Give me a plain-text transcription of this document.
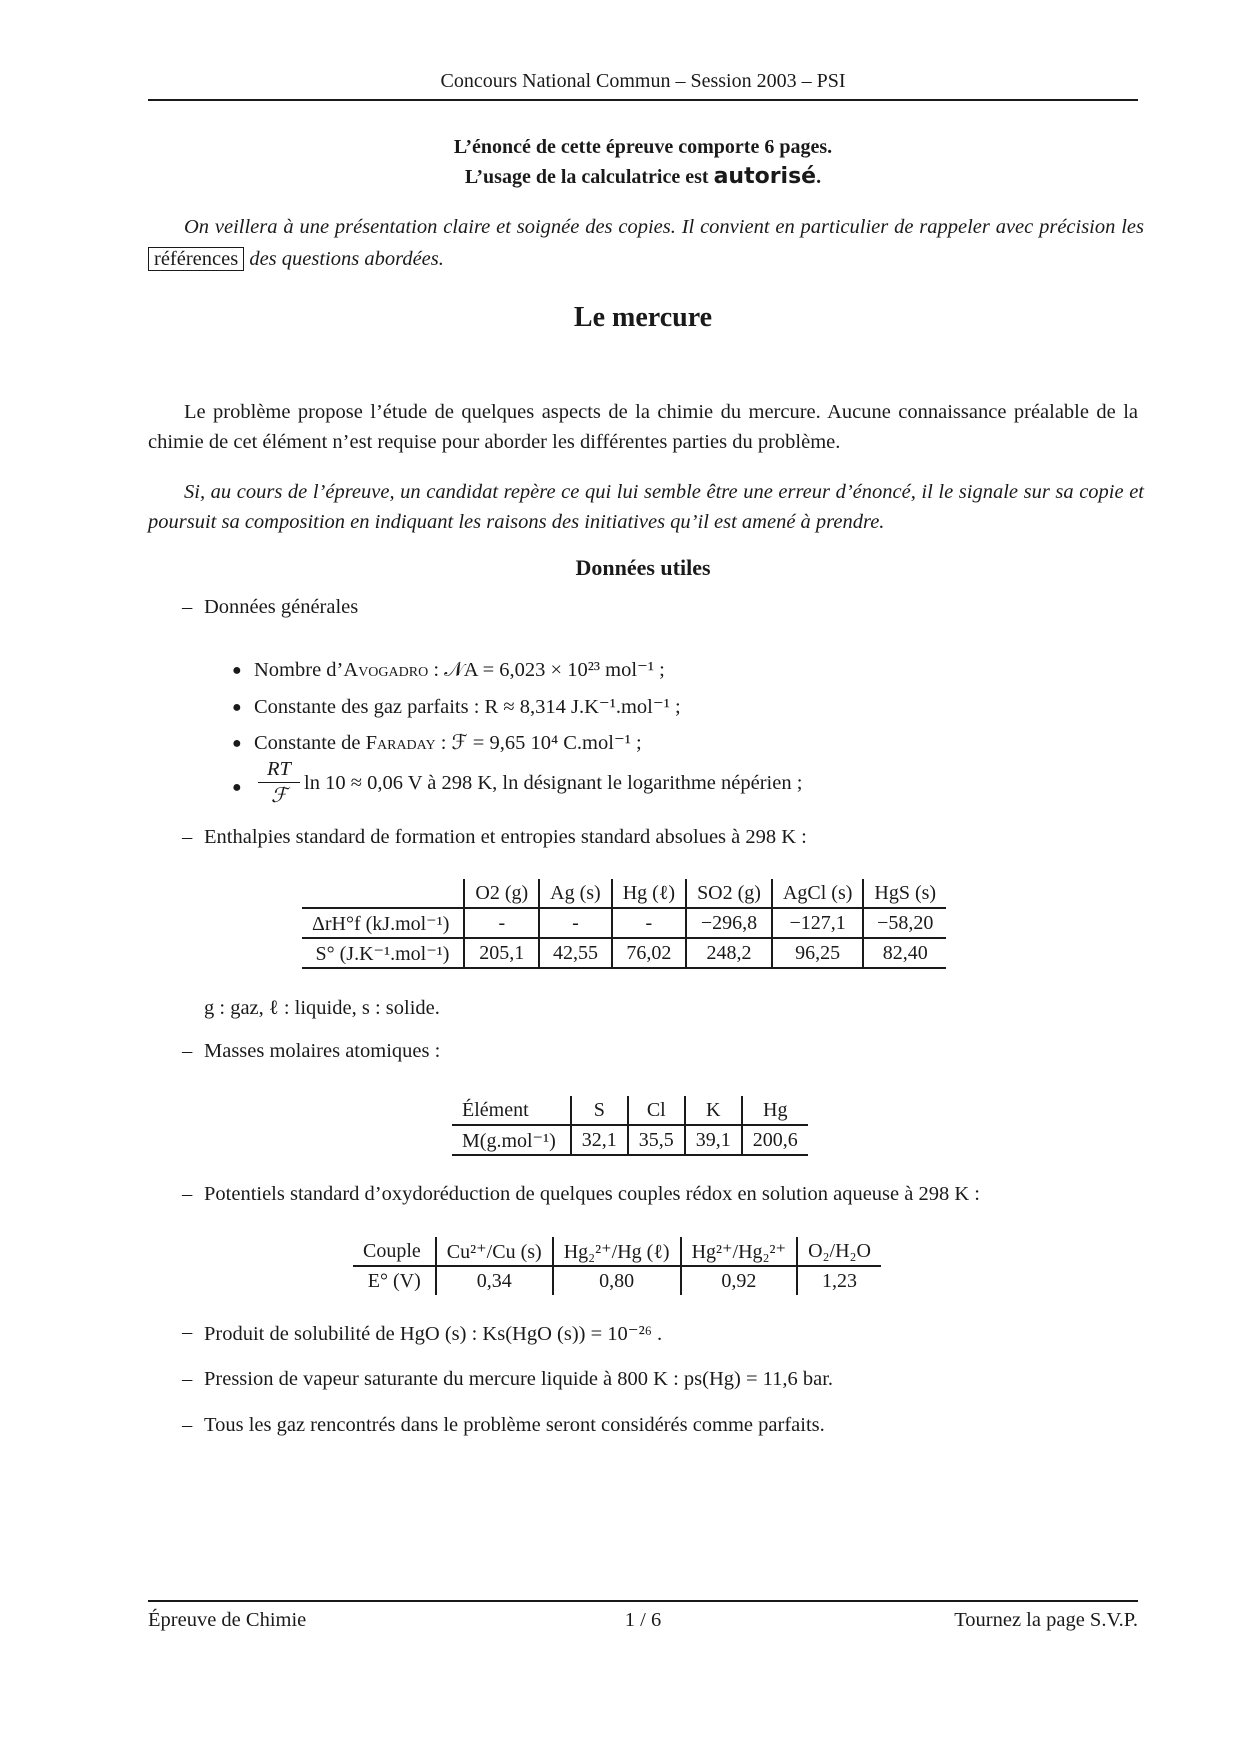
Concours National Commun – Session 2003 – PSI
L’énoncé de cette épreuve comporte 6 pages.
L’usage de la calculatrice est autorisé.
On veillera à une présentation claire et soignée des copies. Il convient en particulier de rappeler avec précision les références des questions abordées.
Le mercure
Le problème propose l’étude de quelques aspects de la chimie du mercure. Aucune connaissance préalable de la chimie de cet élément n’est requise pour aborder les différentes parties du problème.
Si, au cours de l’épreuve, un candidat repère ce qui lui semble être une erreur d’énoncé, il le signale sur sa copie et poursuit sa composition en indiquant les raisons des initiatives qu’il est amené à prendre.
Données utiles
– Données générales
● Nombre d’Avogadro : 𝒩A = 6,023 × 10²³ mol⁻¹ ;
● Constante des gaz parfaits : R ≈ 8,314 J.K⁻¹.mol⁻¹ ;
● Constante de Faraday : ℱ = 9,65 10⁴ C.mol⁻¹ ;
●
RT
ℱ
ln 10 ≈ 0,06 V à 298 K, ln désignant le logarithme népérien ;
– Enthalpies standard de formation et entropies standard absolues à 298 K :
	O2 (g)	Ag (s)	Hg (ℓ)	SO2 (g)	AgCl (s)	HgS (s)
ΔrH°f (kJ.mol⁻¹)	-	-	-	−296,8	−127,1	−58,20
S° (J.K⁻¹.mol⁻¹)	205,1	42,55	76,02	248,2	96,25	82,40
g : gaz, ℓ : liquide, s : solide.
– Masses molaires atomiques :
Élément	S	Cl	K	Hg
M(g.mol⁻¹)	32,1	35,5	39,1	200,6
– Potentiels standard d’oxydoréduction de quelques couples rédox en solution aqueuse à 298 K :
Couple	Cu²⁺/Cu (s)	Hg₂²⁺/Hg (ℓ)	Hg²⁺/Hg₂²⁺	O₂/H₂O
E° (V)	0,34	0,80	0,92	1,23
– Produit de solubilité de HgO (s) : Ks(HgO (s)) = 10⁻²⁶ .
– Pression de vapeur saturante du mercure liquide à 800 K : ps(Hg) = 11,6 bar.
– Tous les gaz rencontrés dans le problème seront considérés comme parfaits.
Épreuve de Chimie	1 / 6	Tournez la page S.V.P.
